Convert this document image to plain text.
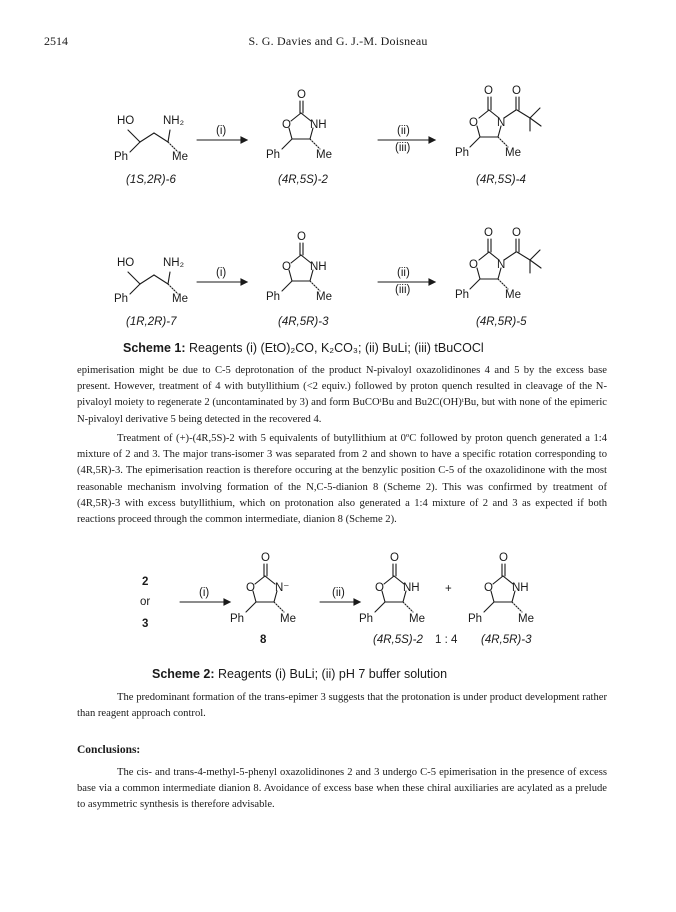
2514	S. G. Davies and G. J.-M. Doisneau
HO	NH₂
Ph	Me
(1S,2R)-6
(i)
O
O NH
Ph	Me
(4R,5S)-2
(ii)
(iii)
O O
O N
Ph	Me
(4R,5S)-4
HO	NH₂
Ph	Me
(1R,2R)-7
(i)
O
O NH
Ph	Me
(4R,5R)-3
(ii)
(iii)
O O
O N
Ph	Me
(4R,5R)-5
2
or
3
(i)	(ii)
O
O N⁻
Ph	Me
8
O
O NH
Ph	Me
(4R,5S)-2
+
1 : 4
O
O NH
Ph	Me
(4R,5R)-3
Scheme 1: Reagents (i) (EtO)₂CO, K₂CO₃; (ii) BuLi; (iii) tBuCOCl

epimerisation might be due to C-5 deprotonation of the product N-pivaloyl oxazolidinones 4 and 5 by the excess base present. However, treatment of 4 with butyllithium (<2 equiv.) followed by proton quench resulted in cleavage of the N-pivaloyl moiety to regenerate 2 (uncontaminated by 3) and form BuCOᵗBu and Bu2C(OH)ᵗBu, but with none of the epimeric N-pivaloyl derivative 5 being detected in the recovered 4.

Treatment of (+)-(4R,5S)-2 with 5 equivalents of butyllithium at 0ºC followed by proton quench generated a 1:4 mixture of 2 and 3. The major trans-isomer 3 was separated from 2 and shown to have a specific rotation corresponding to (4R,5R)-3. The epimerisation reaction is therefore occuring at the benzylic position C-5 of the oxazolidinone with the most reasonable mechanism involving formation of the N,C-5-dianion 8 (Scheme 2). This was confirmed by treatment of (4R,5R)-3 with excess butyllithium, which on protonation also generated a 1:4 mixture of 2 and 3 as expected if both reactions proceed through the common intermediate, dianion 8 (Scheme 2).

Scheme 2: Reagents (i) BuLi; (ii) pH 7 buffer solution

The predominant formation of the trans-epimer 3 suggests that the protonation is under product development rather than reagent approach control.

Conclusions:

The cis- and trans-4-methyl-5-phenyl oxazolidinones 2 and 3 undergo C-5 epimerisation in the presence of excess base via a common intermediate dianion 8. Avoidance of excess base when these chiral auxiliaries are acylated as a prelude to asymmetric synthesis is therefore advisable.
